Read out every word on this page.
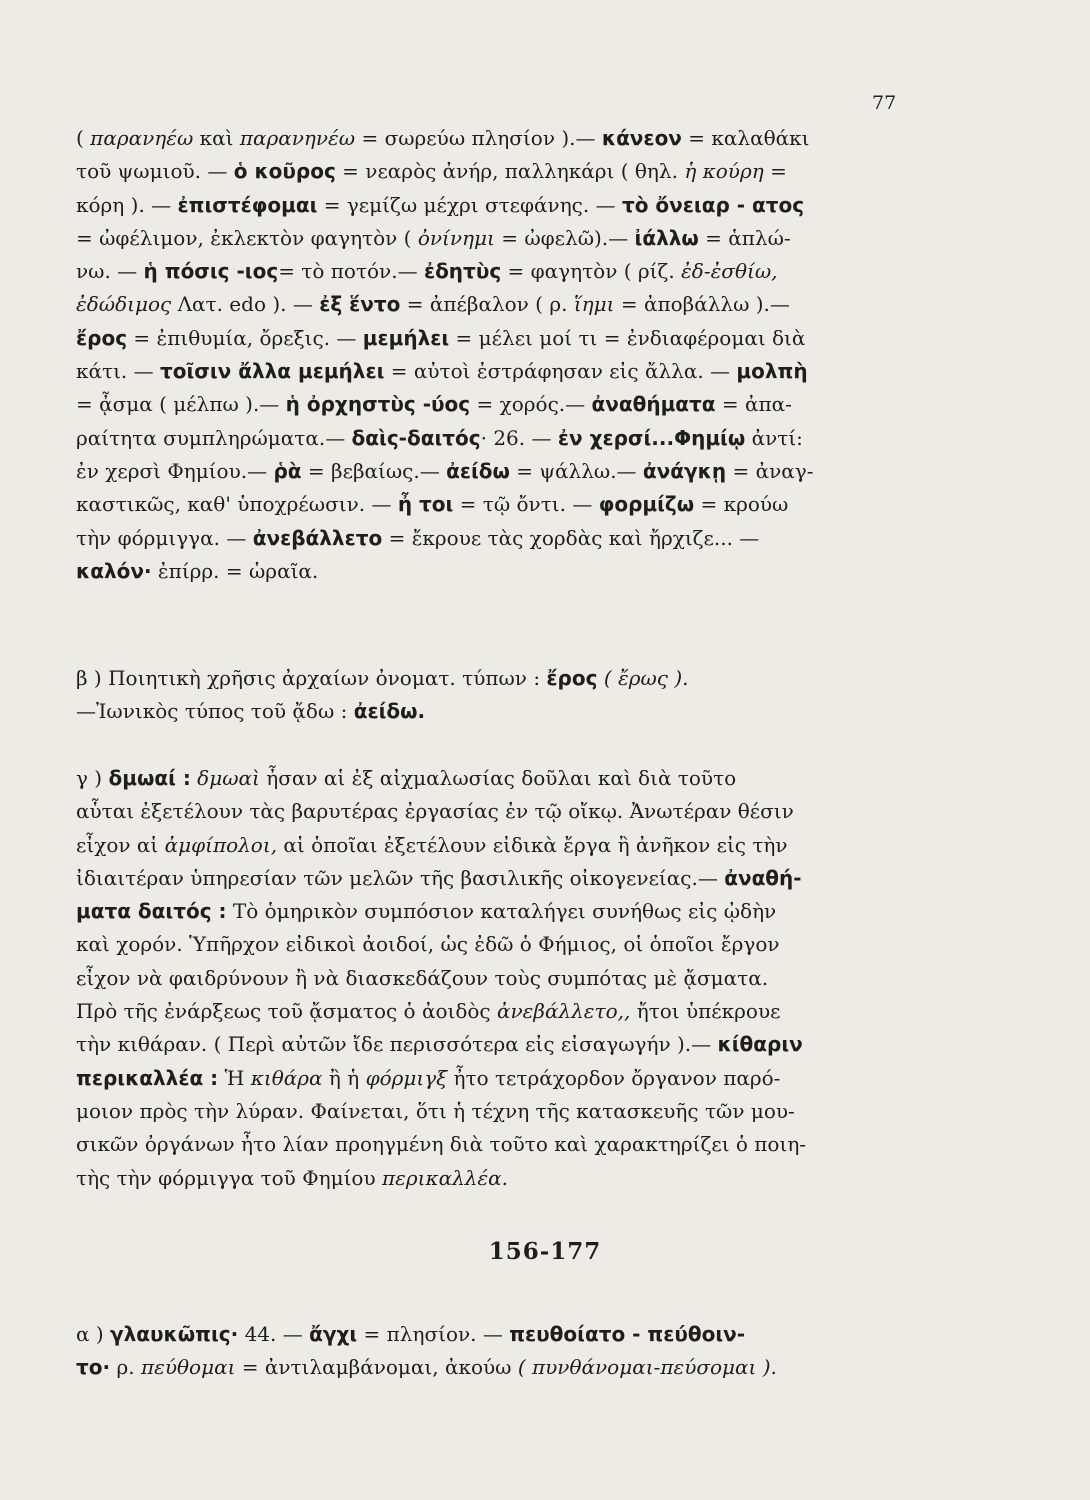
77
( παρανηέω καὶ παρανηνέω = σωρεύω πλησίον ).— κάνεον = καλαθάκι
τοῦ ψωμιοῦ. — ὁ κοῦρος = νεαρὸς ἀνήρ, παλληκάρι ( θηλ. ἡ κούρη =
κόρη ). — ἐπιστέφομαι = γεμίζω μέχρι στεφάνης. — τὸ ὄνειαρ - ατος
= ὠφέλιμον, ἐκλεκτὸν φαγητὸν ( ὀνίνημι = ὠφελῶ).— ἰάλλω = ἁπλώ-
νω. — ἡ πόσις -ιος= τὸ ποτόν.— ἐδητὺς = φαγητὸν ( ρίζ. ἐδ-ἐσθίω,
ἐδώδιμος Λατ. edo ). — ἐξ ἕντο = ἀπέβαλον ( ρ. ἵημι = ἀποβάλλω ).—
ἔρος = ἐπιθυμία, ὄρεξις. — μεμήλει = μέλει μοί τι = ἐνδιαφέρομαι διὰ
κάτι. — τοῖσιν ἄλλα μεμήλει = αὐτοὶ ἐστράφησαν εἰς ἄλλα. — μολπὴ
= ᾆσμα ( μέλπω ).— ἡ ὀρχηστὺς -ύος = χορός.— ἀναθήματα = ἀπα-
ραίτητα συμπληρώματα.— δαὶς-δαιτός· 26. — ἐν χερσί...Φημίῳ ἀντί:
ἐν χερσὶ Φημίου.— ῥὰ = βεβαίως.— ἀείδω = ψάλλω.— ἀνάγκῃ = ἀναγ-
καστικῶς, καθ' ὑποχρέωσιν. — ἦ τοι = τῷ ὄντι. — φορμίζω = κρούω
τὴν φόρμιγγα. — ἀνεβάλλετο = ἔκρουε τὰς χορδὰς καὶ ἤρχιζε... —
καλόν· ἐπίρρ. = ὡραῖα.
β ) Ποιητικὴ χρῆσις ἀρχαίων ὀνοματ. τύπων : ἔρος ( ἔρως ).
—Ἰωνικὸς τύπος τοῦ ᾄδω : ἀείδω.
γ ) δμωαί : δμωαὶ ἦσαν αἱ ἐξ αἰχμαλωσίας δοῦλαι καὶ διὰ τοῦτο
αὗται ἐξετέλουν τὰς βαρυτέρας ἐργασίας ἐν τῷ οἴκῳ. Ἀνωτέραν θέσιν
εἶχον αἱ ἀμφίπολοι, αἱ ὁποῖαι ἐξετέλουν εἰδικὰ ἔργα ἢ ἀνῆκον εἰς τὴν
ἰδιαιτέραν ὑπηρεσίαν τῶν μελῶν τῆς βασιλικῆς οἰκογενείας.— ἀναθή-
ματα δαιτός : Τὸ ὁμηρικὸν συμπόσιον καταλήγει συνήθως εἰς ᾠδὴν
καὶ χορόν. Ὑπῆρχον εἰδικοὶ ἀοιδοί, ὡς ἐδῶ ὁ Φήμιος, οἱ ὁποῖοι ἔργον
εἶχον νὰ φαιδρύνουν ἢ νὰ διασκεδάζουν τοὺς συμπότας μὲ ᾄσματα.
Πρὸ τῆς ἐνάρξεως τοῦ ᾄσματος ὁ ἀοιδὸς ἀνεβάλλετο,, ἤτοι ὑπέκρουε
τὴν κιθάραν. ( Περὶ αὐτῶν ἴδε περισσότερα εἰς εἰσαγωγήν ).— κίθαριν
περικαλλέα : Ἡ κιθάρα ἢ ἡ φόρμιγξ ἦτο τετράχορδον ὄργανον παρό-
μοιον πρὸς τὴν λύραν. Φαίνεται, ὅτι ἡ τέχνη τῆς κατασκευῆς τῶν μου-
σικῶν ὀργάνων ἦτο λίαν προηγμένη διὰ τοῦτο καὶ χαρακτηρίζει ὁ ποιη-
τὴς τὴν φόρμιγγα τοῦ Φημίου περικαλλέα.
156-177
α ) γλαυκῶπις· 44. — ἄγχι = πλησίον. — πευθοίατο - πεύθοιν-
το· ρ. πεύθομαι = ἀντιλαμβάνομαι, ἀκούω ( πυνθάνομαι-πεύσομαι ).
